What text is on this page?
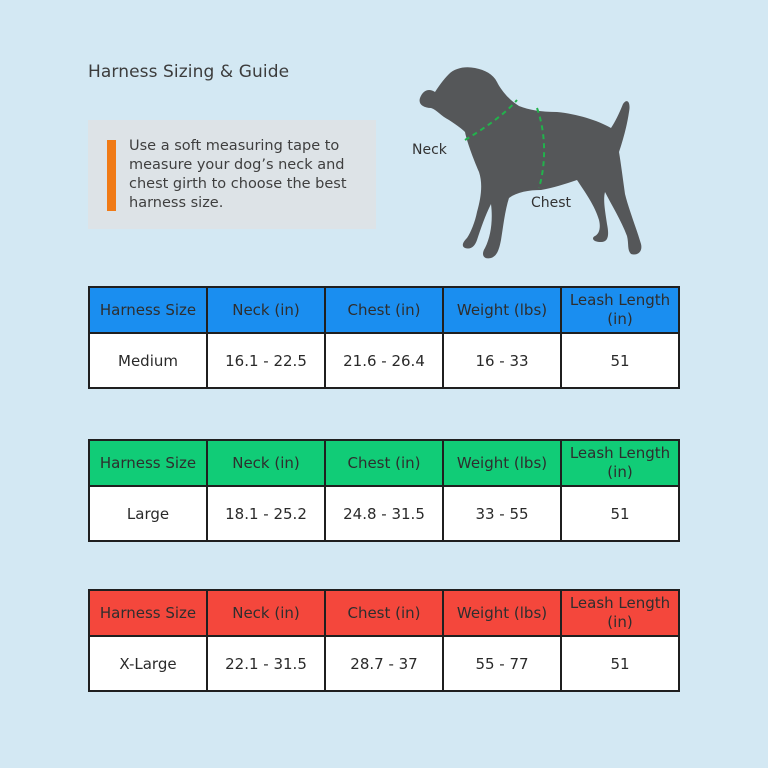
Harness Sizing & Guide
Use a soft measuring tape to measure your dog’s neck and chest girth to choose the best harness size.
Neck
Chest
Harness Size	Neck (in)	Chest (in)	Weight (lbs)	Leash Length (in)
Medium	16.1 - 22.5	21.6 - 26.4	16 - 33	51
Harness Size	Neck (in)	Chest (in)	Weight (lbs)	Leash Length (in)
Large	18.1 - 25.2	24.8 - 31.5	33 - 55	51
Harness Size	Neck (in)	Chest (in)	Weight (lbs)	Leash Length (in)
X-Large	22.1 - 31.5	28.7 - 37	55 - 77	51
